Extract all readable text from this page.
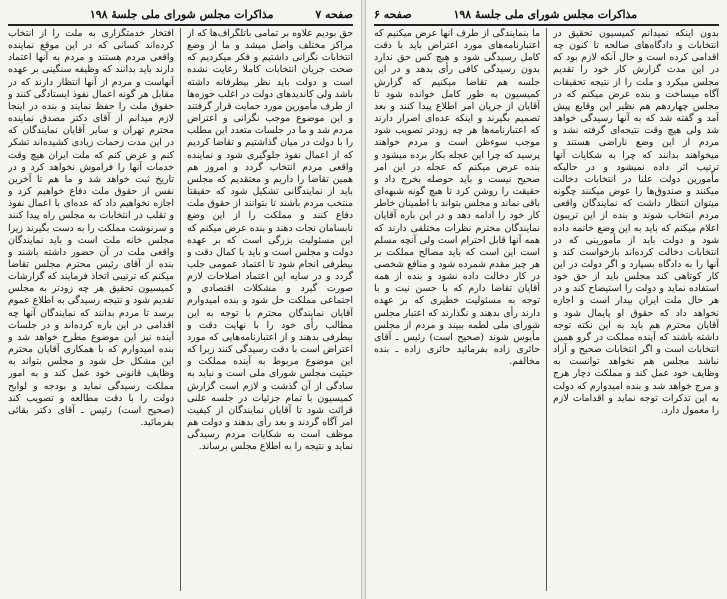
صفحه ۷
مذاکرات مجلس شورای ملی جلسهٔ ۱۹۸

حق بودیم علاوه بر تمامی باتلگراف‌ها که از مراکز مختلف واصل میشد و ما از وضع انتخابات نگرانی داشتیم و فکر میکردیم که صحت جریان انتخابات کاملا رعایت نشده است و دولت باید نظر بیطرفانه داشته باشد ولی کاندیدهای دولت در اغلب حوزه‌ها از طرف مأمورین مورد حمایت قرار گرفتند و این موضوع موجب نگرانی و اعتراض مردم شد و ما در جلسات متعدد این مطلب را با دولت در میان گذاشتیم و تقاضا کردیم که از اعمال نفوذ جلوگیری شود و نماینده واقعی مردم انتخاب گردد و امروز هم همین تقاضا را داریم و معتقدیم که مجلس باید از نمایندگانی تشکیل شود که حقیقتا منتخب مردم باشند تا بتوانند از حقوق ملت دفاع کنند و مملکت را از این وضع نابسامان نجات دهند و بنده عرض میکنم که این مسئولیت بزرگی است که بر عهده دولت و مجلس است و باید با کمال دقت و بیطرفی انجام شود تا اعتماد عمومی جلب گردد و در سایه این اعتماد اصلاحات لازم صورت گیرد و مشکلات اقتصادی و اجتماعی مملکت حل شود و بنده امیدوارم آقایان نمایندگان محترم با توجه به این مطالب رأی خود را با نهایت دقت و بیطرفی بدهند و از اعتبارنامه‌هایی که مورد اعتراض است با دقت رسیدگی کنند زیرا که این موضوع مربوط به آینده مملکت و حیثیت مجلس شورای ملی است و نباید به سادگی از آن گذشت و لازم است گزارش کمیسیون با تمام جزئیات در جلسه علنی قرائت شود تا آقایان نمایندگان از کیفیت امر آگاه گردند و بعد رأی بدهند و دولت هم موظف است به شکایات مردم رسیدگی نماید و نتیجه را به اطلاع مجلس برساند.

افتخار خدمتگزاری به ملت را از انتخاب کرده‌اند کسانی که در این موقع نماینده واقعی مردم هستند و مردم به آنها اعتماد دارند باید بدانند که وظیفه سنگینی بر عهده آنهاست و مردم از آنها انتظار دارند که در مقابل هر گونه اعمال نفوذ ایستادگی کنند و حقوق ملت را حفظ نمایند و بنده در اینجا لازم میدانم از آقای دکتر مصدق نماینده محترم تهران و سایر آقایان نمایندگان که در این مدت زحمات زیادی کشیده‌اند تشکر کنم و عرض کنم که ملت ایران هیچ وقت خدمات آنها را فراموش نخواهد کرد و در تاریخ ثبت خواهد شد و ما هم تا آخرین نفس از حقوق ملت دفاع خواهیم کرد و اجازه نخواهیم داد که عده‌ای با اعمال نفوذ و تقلب در انتخابات به مجلس راه پیدا کنند و سرنوشت مملکت را به دست بگیرند زیرا مجلس خانه ملت است و باید نمایندگان واقعی ملت در آن حضور داشته باشند و بنده از آقای رئیس محترم مجلس تقاضا میکنم که ترتیبی اتخاذ فرمایند که گزارشات کمیسیون تحقیق هر چه زودتر به مجلس تقدیم شود و نتیجه رسیدگی به اطلاع عموم برسد تا مردم بدانند که نمایندگان آنها چه اقدامی در این باره کرده‌اند و در جلسات آینده نیز این موضوع مطرح خواهد شد و بنده امیدوارم که با همکاری آقایان محترم این مشکل حل شود و مجلس بتواند به وظایف قانونی خود عمل کند و به امور مملکت رسیدگی نماید و بودجه و لوایح دولت را با دقت مطالعه و تصویب کند (صحیح است) رئیس ـ آقای دکتر بقائی بفرمائید.

مذاکرات مجلس شورای ملی جلسهٔ ۱۹۸
صفحه ۶

بدون اینکه نمیدانم کمیسیون تحقیق در انتخابات و دادگاه‌های صالحه تا کنون چه اقدامی کرده است و حال آنکه لازم بود که در این مدت گزارش کار خود را تقدیم مجلس میکرد و ملت را از نتیجه تحقیقات آگاه میساخت و بنده عرض میکنم که در مجلس چهاردهم هم نظیر این وقایع پیش آمد و گفته شد که به آنها رسیدگی خواهد شد ولی هیچ وقت نتیجه‌ای گرفته نشد و مردم از این وضع ناراضی هستند و میخواهند بدانند که چرا به شکایات آنها ترتیب اثر داده نمیشود و در حالیکه مأمورین دولت علنا در انتخابات دخالت میکنند و صندوق‌ها را عوض میکنند چگونه میتوان انتظار داشت که نمایندگان واقعی مردم انتخاب شوند و بنده از این تریبون اعلام میکنم که باید به این وضع خاتمه داده شود و دولت باید از مأمورینی که در انتخابات دخالت کرده‌اند بازخواست کند و آنها را به دادگاه بسپارد و اگر دولت در این کار کوتاهی کند مجلس باید از حق خود استفاده نماید و دولت را استیضاح کند و در هر حال ملت ایران بیدار است و اجازه نخواهد داد که حقوق او پایمال شود و آقایان محترم هم باید به این نکته توجه داشته باشند که آینده مملکت در گرو همین انتخابات است و اگر انتخابات صحیح و آزاد نباشد مجلس هم نخواهد توانست به وظایف خود عمل کند و مملکت دچار هرج و مرج خواهد شد و بنده امیدوارم که دولت به این تذکرات توجه نماید و اقدامات لازم را معمول دارد.

ما بنمایندگی از طرف آنها عرض میکنیم که اعتبارنامه‌های مورد اعتراض باید با دقت کامل رسیدگی شود و هیچ کس حق ندارد بدون رسیدگی کافی رأی بدهد و در این جلسه هم تقاضا میکنیم که گزارش کمیسیون به طور کامل خوانده شود تا آقایان از جریان امر اطلاع پیدا کنند و بعد تصمیم بگیرند و اینکه عده‌ای اصرار دارند که اعتبارنامه‌ها هر چه زودتر تصویب شود موجب سوءظن است و مردم خواهند پرسید که چرا این عجله بکار برده میشود و بنده عرض میکنم که عجله در این امر صحیح نیست و باید حوصله بخرج داد و حقیقت را روشن کرد تا هیچ گونه شبهه‌ای باقی نماند و مجلس بتواند با اطمینان خاطر کار خود را ادامه دهد و در این باره آقایان نمایندگان محترم نظرات مختلفی دارند که همه آنها قابل احترام است ولی آنچه مسلم است این است که باید مصالح مملکت بر هر چیز مقدم شمرده شود و منافع شخصی در کار دخالت داده نشود و بنده از همه آقایان تقاضا دارم که با حسن نیت و با توجه به مسئولیت خطیری که بر عهده دارند رأی بدهند و نگذارند که اعتبار مجلس شورای ملی لطمه ببیند و مردم از مجلس مأیوس شوند (صحیح است) رئیس ـ آقای حائری زاده بفرمائید حائری زاده ـ بنده مخالفم.
